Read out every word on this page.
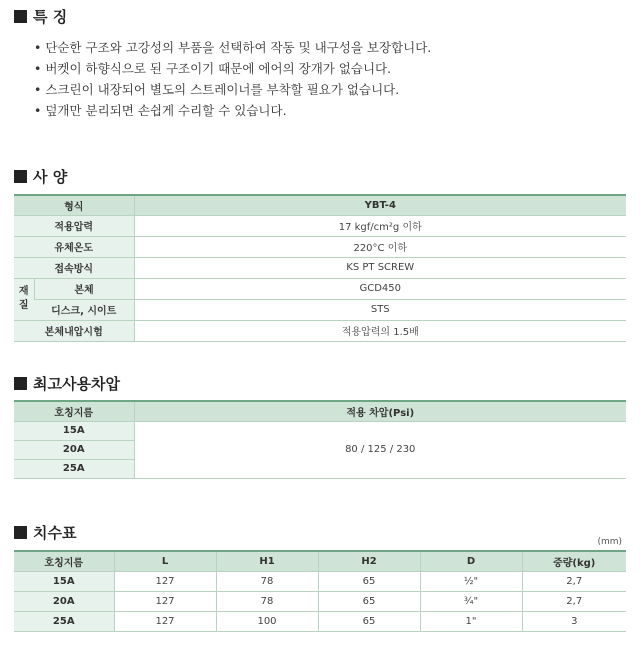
특 징
• 단순한 구조와 고강성의 부품을 선택하여 작동 및 내구성을 보장합니다.
• 버켓이 하향식으로 된 구조이기 때문에 에어의 장개가 없습니다.
• 스크린이 내장되어 별도의 스트레이너를 부착할 필요가 없습니다.
• 덮개만 분리되면 손쉽게 수리할 수 있습니다.
사 양
형식		YBT-4
적용압력		17 kgf/cm²g 이하
유체온도		220°C 이하
접속방식		KS PT SCREW
재
질	본체	GCD450
	디스크, 시이트	STS
본체내압시험		적용압력의 1.5배
최고사용차압
호칭지름	적용 차압(Psi)
15A	80 / 125 / 230
20A	
25A	
치수표	(mm)
호칭지름	L	H1	H2	D	중량(kg)
15A	127	78	65	½"	2,7
20A	127	78	65	¾"	2,7
25A	127	100	65	1"	3
